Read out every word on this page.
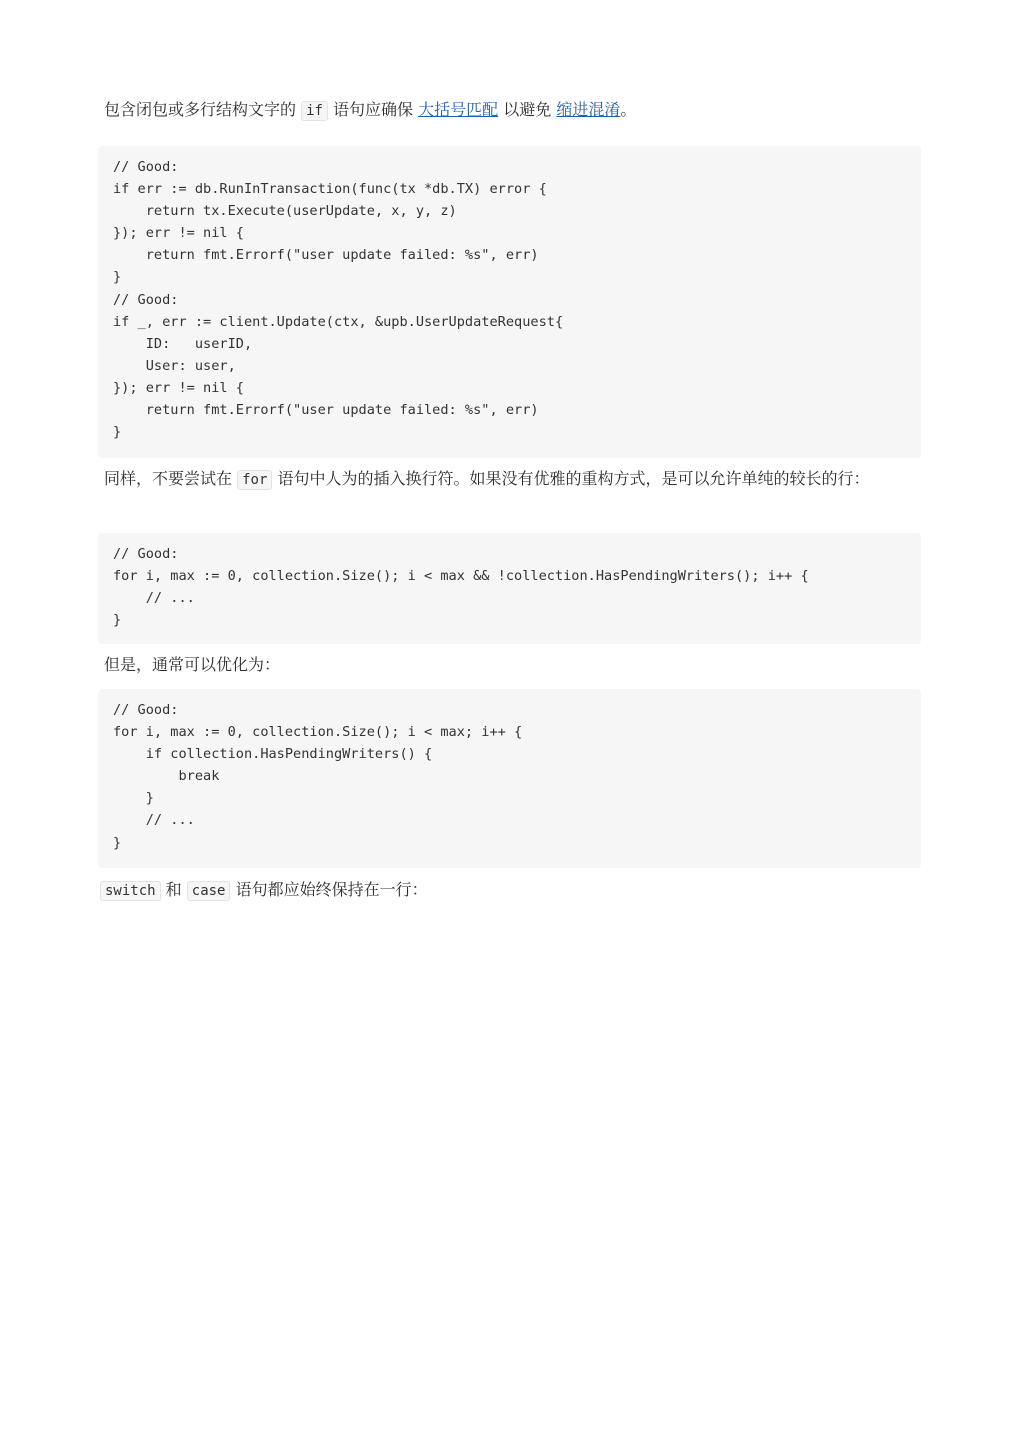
包含闭包或多行结构文字的 if 语句应确保 大括号匹配 以避免 缩进混淆。

// Good:
if err := db.RunInTransaction(func(tx *db.TX) error {
return tx.Execute(userUpdate, x, y, z)
}); err != nil {
return fmt.Errorf("user update failed: %s", err)
}
// Good:
if _, err := client.Update(ctx, &upb.UserUpdateRequest{
ID:   userID,
User: user,
}); err != nil {
return fmt.Errorf("user update failed: %s", err)
}

同样，不要尝试在 for 语句中人为的插入换行符。如果没有优雅的重构方式，是可以允许单纯的较长的行：

// Good:
for i, max := 0, collection.Size(); i < max && !collection.HasPendingWriters(); i++ {
// ...
}

但是，通常可以优化为：

// Good:
for i, max := 0, collection.Size(); i < max; i++ {
if collection.HasPendingWriters() {
break
}
// ...
}

switch 和 case 语句都应始终保持在一行：
